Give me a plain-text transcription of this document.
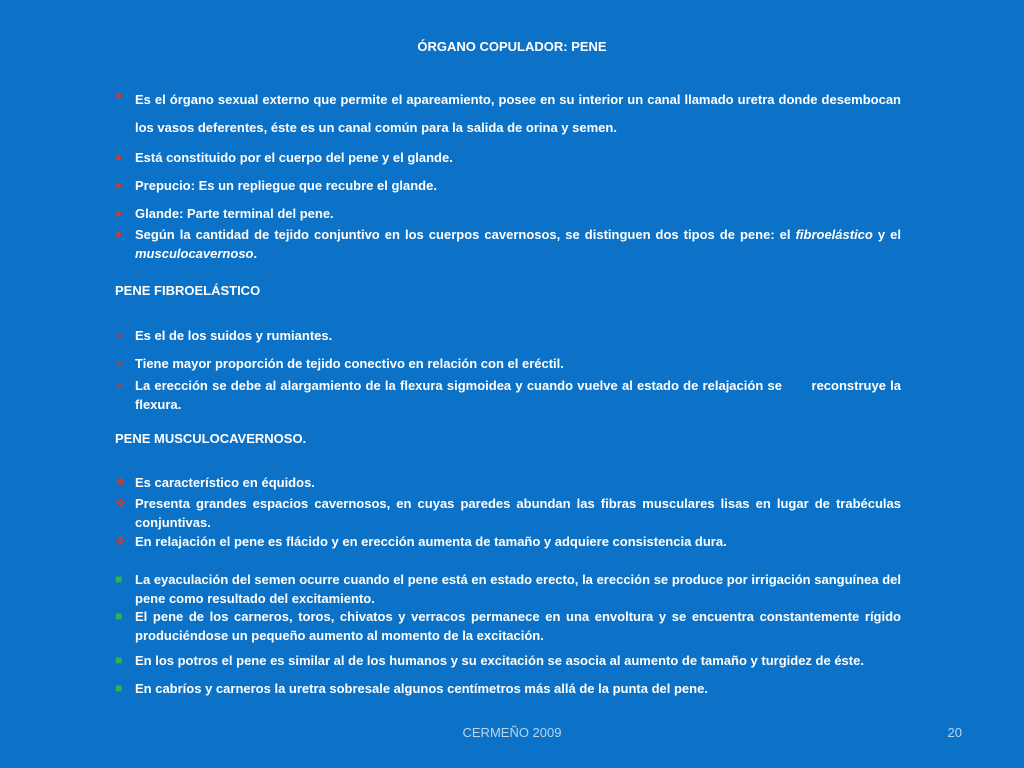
ÓRGANO COPULADOR: PENE
● Es el órgano sexual externo que permite el apareamiento, posee en su interior un canal llamado uretra donde desembocan los vasos deferentes, éste es un canal común para la salida de orina y semen.
● Está constituido por el cuerpo del pene y el glande.
● Prepucio: Es un repliegue que recubre el glande.
● Glande: Parte terminal del pene.
● Según la cantidad de tejido conjuntivo en los cuerpos cavernosos, se distinguen dos tipos de pene: el fibroelástico y el musculocavernoso.
PENE FIBROELÁSTICO
➢ Es el de los suidos y rumiantes.
➢ Tiene mayor proporción de tejido conectivo en relación con el eréctil.
➢ La erección se debe al alargamiento de la flexura sigmoidea y cuando vuelve al estado de relajación se       reconstruye la flexura.
PENE MUSCULOCAVERNOSO.
❖ Es característico en équidos.
❖ Presenta grandes espacios cavernosos, en cuyas paredes abundan las fibras musculares lisas en lugar de trabéculas conjuntivas.
❖ En relajación el pene es flácido y en erección aumenta de tamaño y adquiere consistencia dura.
■ La eyaculación del semen ocurre cuando el pene está en estado erecto, la erección se produce por irrigación sanguínea del pene como resultado del excitamiento.
■ El pene de los carneros, toros, chivatos y verracos permanece en una envoltura y se encuentra constantemente rígido produciéndose un pequeño aumento al momento de la excitación.
■ En los potros el pene es similar al de los humanos y su excitación se asocia al aumento de tamaño y turgidez de éste.
■ En cabríos y carneros la uretra sobresale algunos centímetros más allá de la punta del pene.
CERMEÑO 2009	20
